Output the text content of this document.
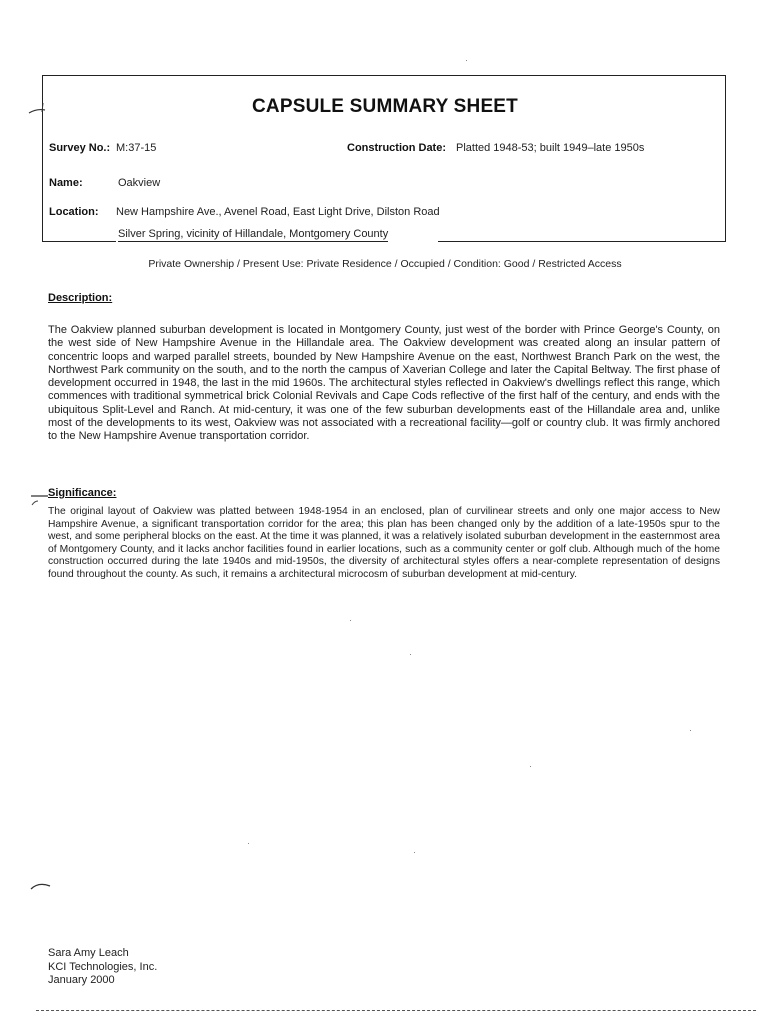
CAPSULE SUMMARY SHEET
Survey No.: M:37-15	Construction Date: Platted 1948-53; built 1949–late 1950s
Name:	Oakview
Location: New Hampshire Ave., Avenel Road, East Light Drive, Dilston Road
Silver Spring, vicinity of Hillandale, Montgomery County
Private Ownership / Present Use: Private Residence / Occupied / Condition: Good / Restricted Access
Description:
The Oakview planned suburban development is located in Montgomery County, just west of the border with Prince George's County, on the west side of New Hampshire Avenue in the Hillandale area. The Oakview development was created along an insular pattern of concentric loops and warped parallel streets, bounded by New Hampshire Avenue on the east, Northwest Branch Park on the west, the Northwest Park community on the south, and to the north the campus of Xaverian College and later the Capital Beltway. The first phase of development occurred in 1948, the last in the mid 1960s. The architectural styles reflected in Oakview's dwellings reflect this range, which commences with traditional symmetrical brick Colonial Revivals and Cape Cods reflective of the first half of the century, and ends with the ubiquitous Split-Level and Ranch. At mid-century, it was one of the few suburban developments east of the Hillandale area and, unlike most of the developments to its west, Oakview was not associated with a recreational facility—golf or country club. It was firmly anchored to the New Hampshire Avenue transportation corridor.
Significance:
The original layout of Oakview was platted between 1948-1954 in an enclosed, plan of curvilinear streets and only one major access to New Hampshire Avenue, a significant transportation corridor for the area; this plan has been changed only by the addition of a late-1950s spur to the west, and some peripheral blocks on the east. At the time it was planned, it was a relatively isolated suburban development in the easternmost area of Montgomery County, and it lacks anchor facilities found in earlier locations, such as a community center or golf club. Although much of the home construction occurred during the late 1940s and mid-1950s, the diversity of architectural styles offers a near-complete representation of designs found throughout the county. As such, it remains a architectural microcosm of suburban development at mid-century.
Sara Amy Leach
KCI Technologies, Inc.
January 2000
